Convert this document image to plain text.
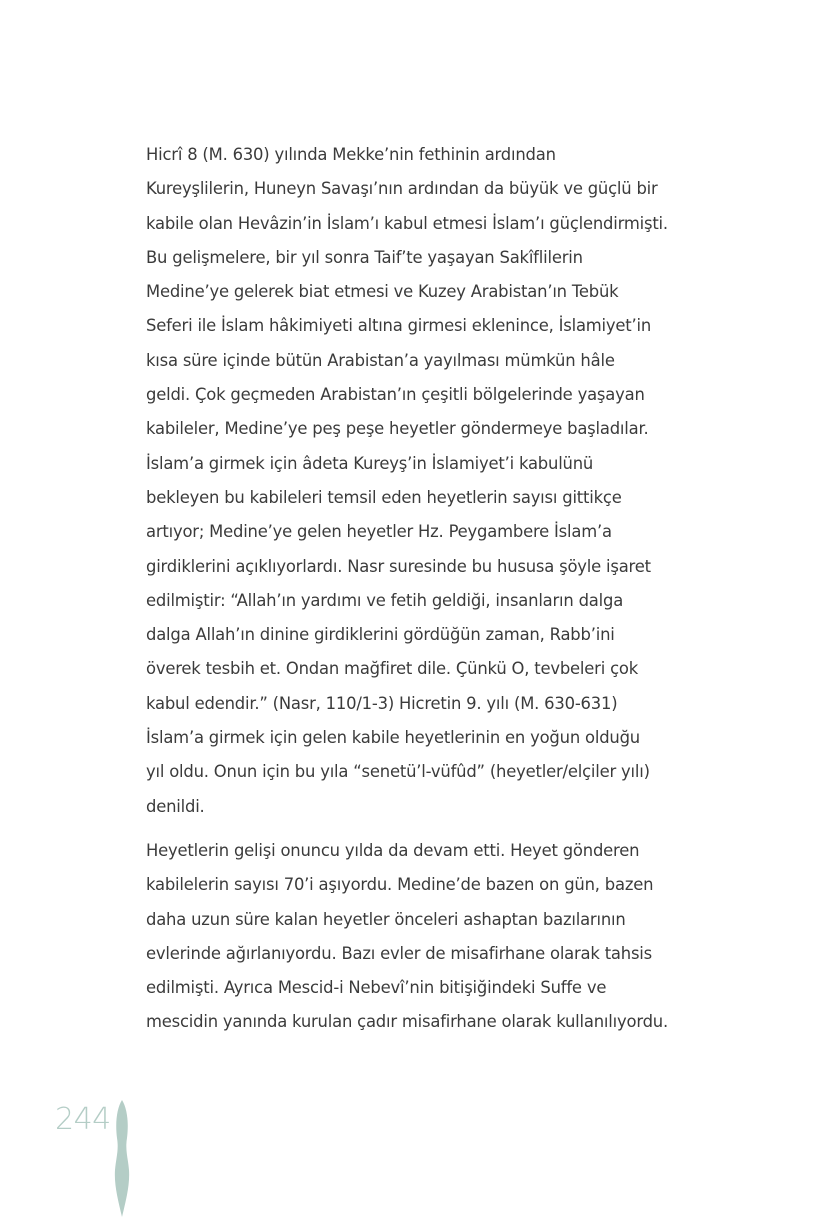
Hicrî 8 (M. 630) yılında Mekke’nin fethinin ardından
Kureyşlilerin, Huneyn Savaşı’nın ardından da büyük ve güçlü bir
kabile olan Hevâzin’in İslam’ı kabul etmesi İslam’ı güçlendirmişti.
Bu gelişmelere, bir yıl sonra Taif’te yaşayan Sakîflilerin
Medine’ye gelerek biat etmesi ve Kuzey Arabistan’ın Tebük
Seferi ile İslam hâkimiyeti altına girmesi eklenince, İslamiyet’in
kısa süre içinde bütün Arabistan’a yayılması mümkün hâle
geldi. Çok geçmeden Arabistan’ın çeşitli bölgelerinde yaşayan
kabileler, Medine’ye peş peşe heyetler göndermeye başladılar.
İslam’a girmek için âdeta Kureyş’in İslamiyet’i kabulünü
bekleyen bu kabileleri temsil eden heyetlerin sayısı gittikçe
artıyor; Medine’ye gelen heyetler Hz. Peygambere İslam’a
girdiklerini açıklıyorlardı. Nasr suresinde bu hususa şöyle işaret
edilmiştir: “Allah’ın yardımı ve fetih geldiği, insanların dalga
dalga Allah’ın dinine girdiklerini gördüğün zaman, Rabb’ini
överek tesbih et. Ondan mağfiret dile. Çünkü O, tevbeleri çok
kabul edendir.” (Nasr, 110/1-3) Hicretin 9. yılı (M. 630-631)
İslam’a girmek için gelen kabile heyetlerinin en yoğun olduğu
yıl oldu. Onun için bu yıla “senetü’l-vüfûd” (heyetler/elçiler yılı)
denildi.
Heyetlerin gelişi onuncu yılda da devam etti. Heyet gönderen
kabilelerin sayısı 70’i aşıyordu. Medine’de bazen on gün, bazen
daha uzun süre kalan heyetler önceleri ashaptan bazılarının
evlerinde ağırlanıyordu. Bazı evler de misafirhane olarak tahsis
edilmişti. Ayrıca Mescid-i Nebevî’nin bitişiğindeki Suffe ve
mescidin yanında kurulan çadır misafirhane olarak kullanılıyordu.
244
